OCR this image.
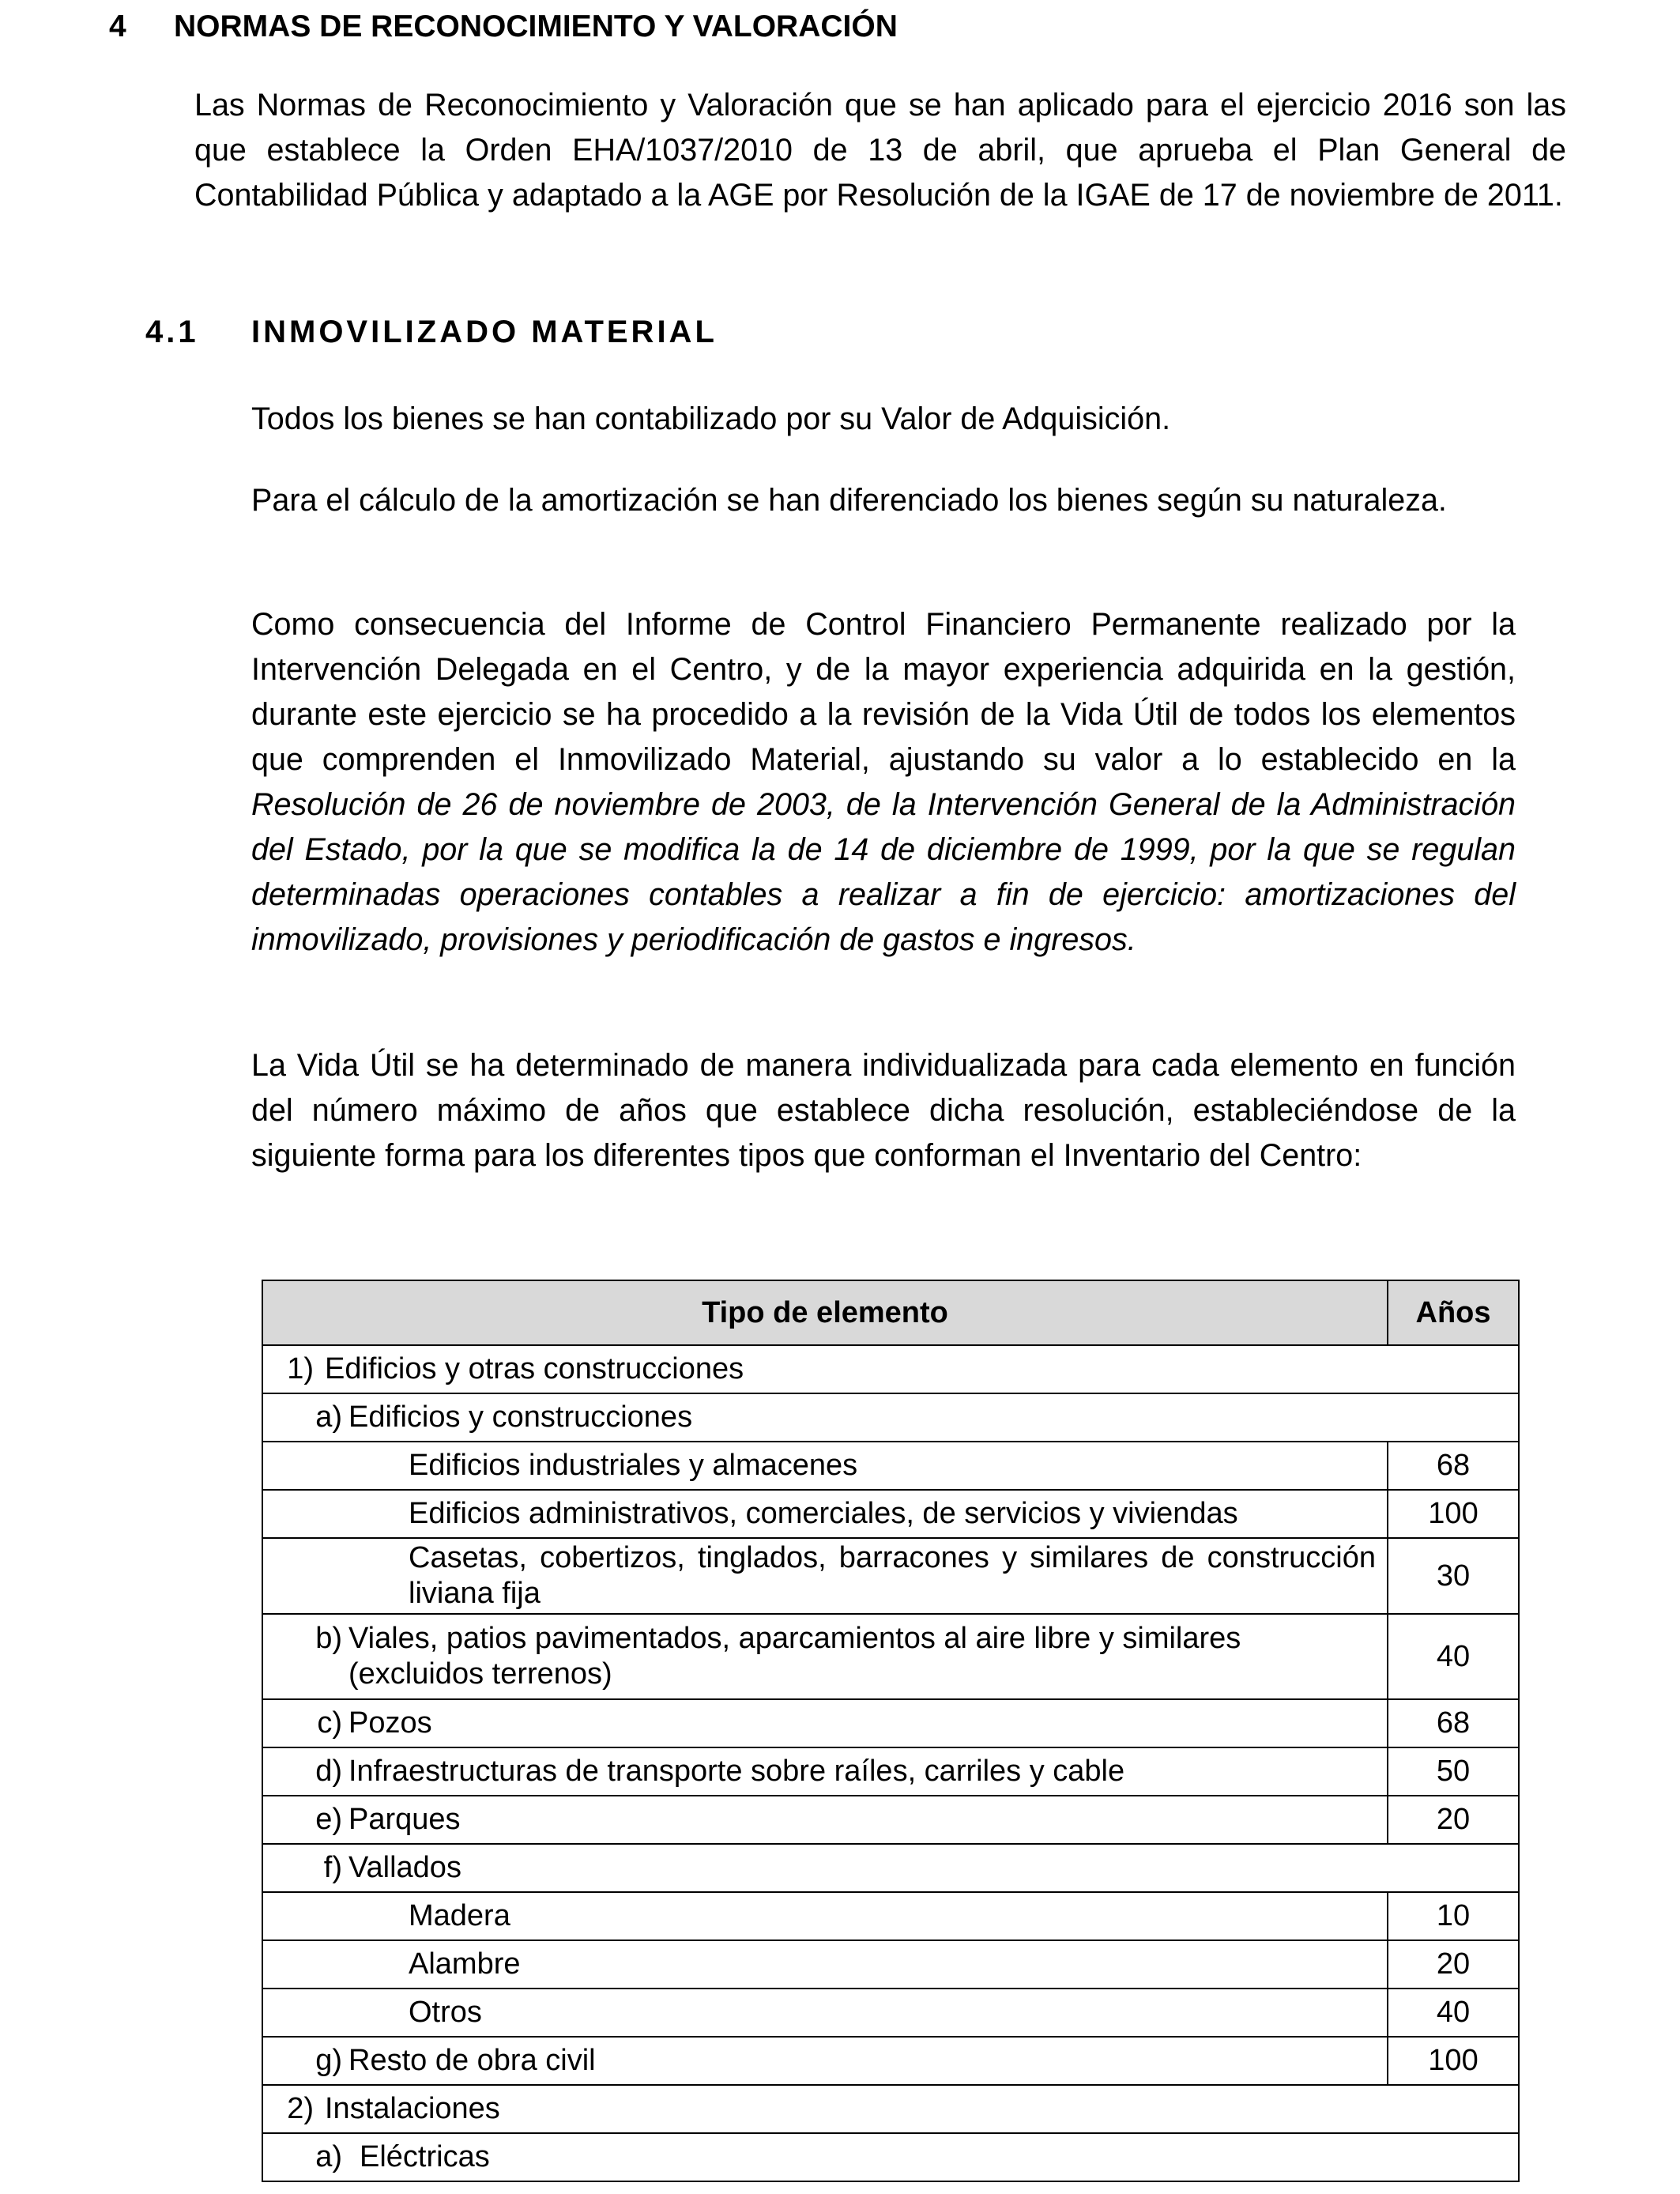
4 NORMAS DE RECONOCIMIENTO Y VALORACIÓN

Las Normas de Reconocimiento y Valoración que se han aplicado para el ejercicio 2016 son las que establece la Orden EHA/1037/2010 de 13 de abril, que aprueba el Plan General de Contabilidad Pública y adaptado a la AGE por Resolución de la IGAE de 17 de noviembre de 2011.

4.1 INMOVILIZADO MATERIAL

Todos los bienes se han contabilizado por su Valor de Adquisición.

Para el cálculo de la amortización se han diferenciado los bienes según su naturaleza.

Como consecuencia del Informe de Control Financiero Permanente realizado por la Intervención Delegada en el Centro, y de la mayor experiencia adquirida en la gestión, durante este ejercicio se ha procedido a la revisión de la Vida Útil de todos los elementos que comprenden el Inmovilizado Material, ajustando su valor a lo establecido en la Resolución de 26 de noviembre de 2003, de la Intervención General de la Administración del Estado, por la que se modifica la de 14 de diciembre de 1999, por la que se regulan determinadas operaciones contables a realizar a fin de ejercicio: amortizaciones del inmovilizado, provisiones y periodificación de gastos e ingresos.

La Vida Útil se ha determinado de manera individualizada para cada elemento en función del número máximo de años que establece dicha resolución, estableciéndose de la siguiente forma para los diferentes tipos que conforman el Inventario del Centro:

Tipo de elemento	Años

1) Edificios y otras construcciones	

a) Edificios y construcciones	

Edificios industriales y almacenes	68

Edificios administrativos, comerciales, de servicios y viviendas	100

Casetas, cobertizos, tinglados, barracones y similares de construcción liviana fija	30

b) Viales, patios pavimentados, aparcamientos al aire libre y similares (excluidos terrenos)	40

c) Pozos	68

d) Infraestructuras de transporte sobre raíles, carriles y cable	50

e) Parques	20

f) Vallados	

Madera	10

Alambre	20

Otros	40

g) Resto de obra civil	100

2) Instalaciones	

a) Eléctricas	
